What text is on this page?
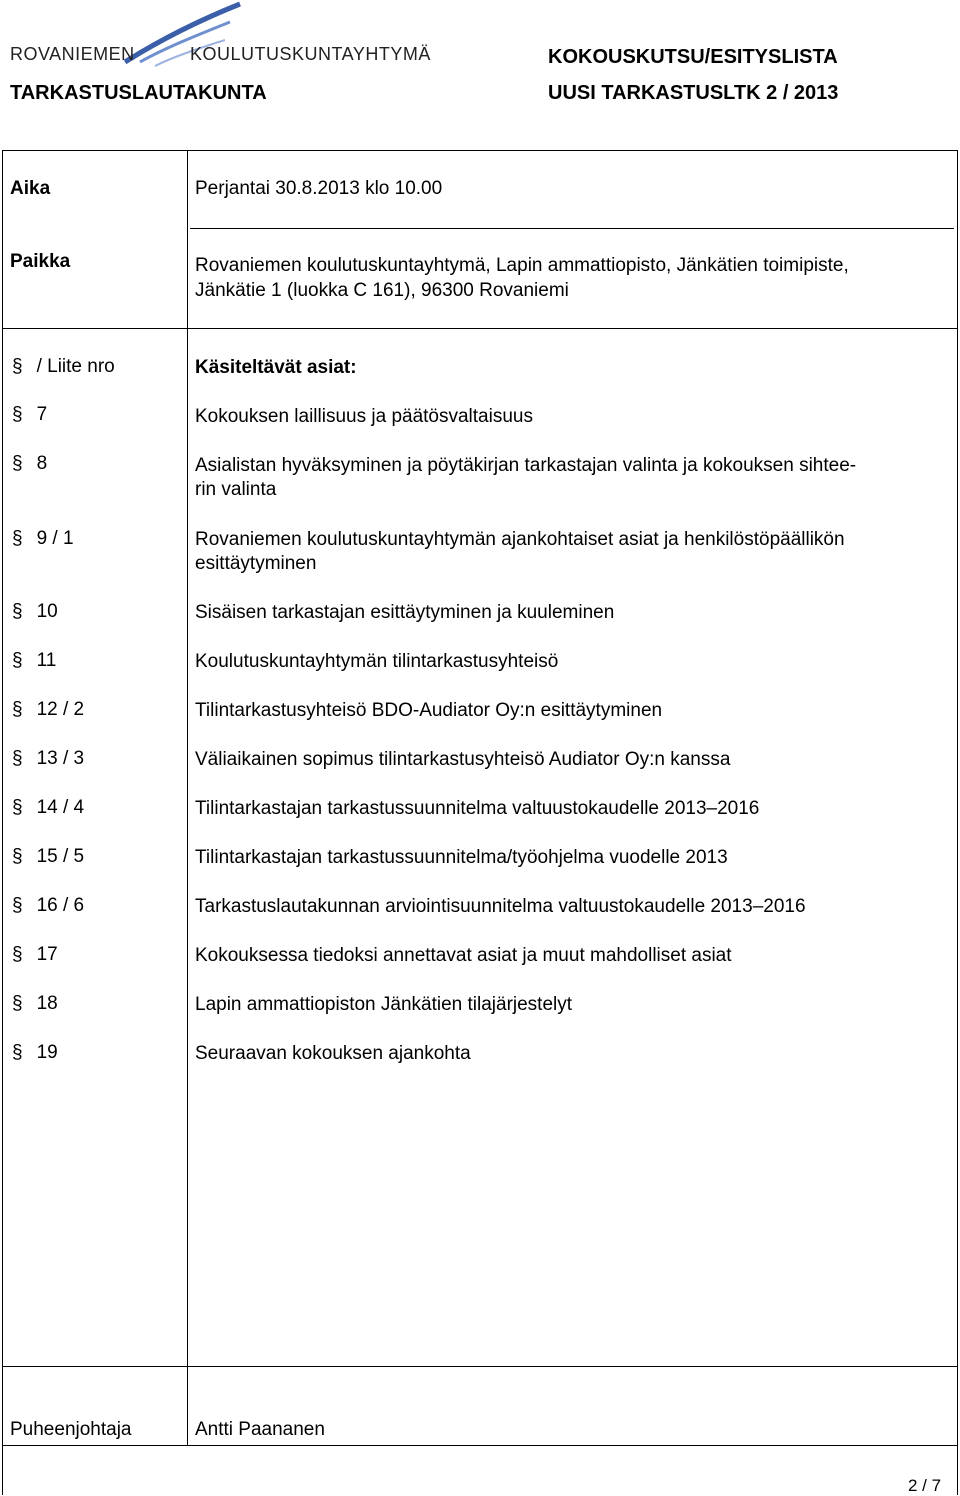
ROVANIEMEN	KOULUTUSKUNTAYHTYMÄ	KOKOUSKUTSU/ESITYSLISTA
TARKASTUSLAUTAKUNTA	UUSI TARKASTUSLTK 2 / 2013
Aika	Perjantai 30.8.2013 klo 10.00
Paikka	Rovaniemen koulutuskuntayhtymä, Lapin ammattiopisto, Jänkätien toimipiste,
Jänkätie 1 (luokka C 161), 96300 Rovaniemi
§ / Liite nro	Käsiteltävät asiat:
§ 7	Kokouksen laillisuus ja päätösvaltaisuus
§ 8	Asialistan hyväksyminen ja pöytäkirjan tarkastajan valinta ja kokouksen sihtee-
rin valinta
§ 9 / 1	Rovaniemen koulutuskuntayhtymän ajankohtaiset asiat ja henkilöstöpäällikön
esittäytyminen
§ 10	Sisäisen tarkastajan esittäytyminen ja kuuleminen
§ 11	Koulutuskuntayhtymän tilintarkastusyhteisö
§ 12 / 2	Tilintarkastusyhteisö BDO-Audiator Oy:n esittäytyminen
§ 13 / 3	Väliaikainen sopimus tilintarkastusyhteisö Audiator Oy:n kanssa
§ 14 / 4	Tilintarkastajan tarkastussuunnitelma valtuustokaudelle 2013–2016
§ 15 / 5	Tilintarkastajan tarkastussuunnitelma/työohjelma vuodelle 2013
§ 16 / 6	Tarkastuslautakunnan arviointisuunnitelma valtuustokaudelle 2013–2016
§ 17	Kokouksessa tiedoksi annettavat asiat ja muut mahdolliset asiat
§ 18	Lapin ammattiopiston Jänkätien tilajärjestelyt
§ 19	Seuraavan kokouksen ajankohta
Puheenjohtaja	Antti Paananen
2 / 7
